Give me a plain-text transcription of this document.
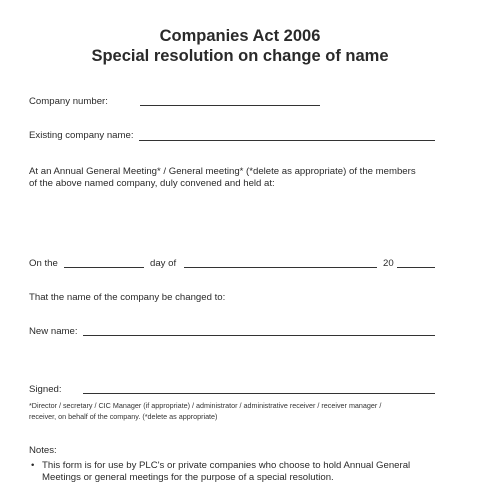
Companies Act 2006
Special resolution on change of name
Company number:
Existing company name:
At an Annual General Meeting* / General meeting* (*delete as appropriate) of the members
of the above named company, duly convened and held at:
On the	day of	20
That the name of the company be changed to:
New name:
Signed:
*Director / secretary / CIC Manager (if appropriate) / administrator / administrative receiver / receiver manager /
receiver, on behalf of the company. (*delete as appropriate)
Notes:
• This form is for use by PLC's or private companies who choose to hold Annual General
Meetings or general meetings for the purpose of a special resolution.
